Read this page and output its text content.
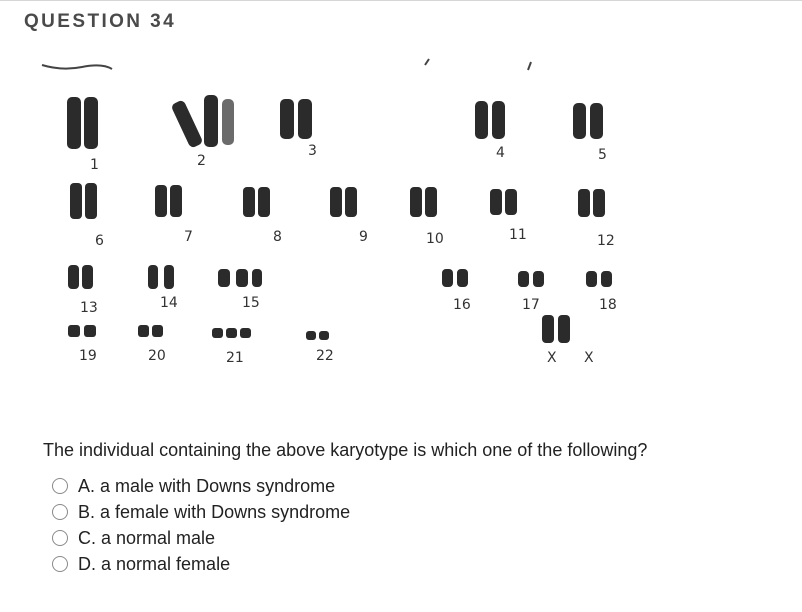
QUESTION 34
1	2
3	4	5
6	7	8	9	10	11	12
13	14	15	16	17	18
19	20	21	22	X X
The individual containing the above karyotype is which one of the following?
A. a male with Downs syndrome
B. a female with Downs syndrome
C. a normal male
D. a normal female
